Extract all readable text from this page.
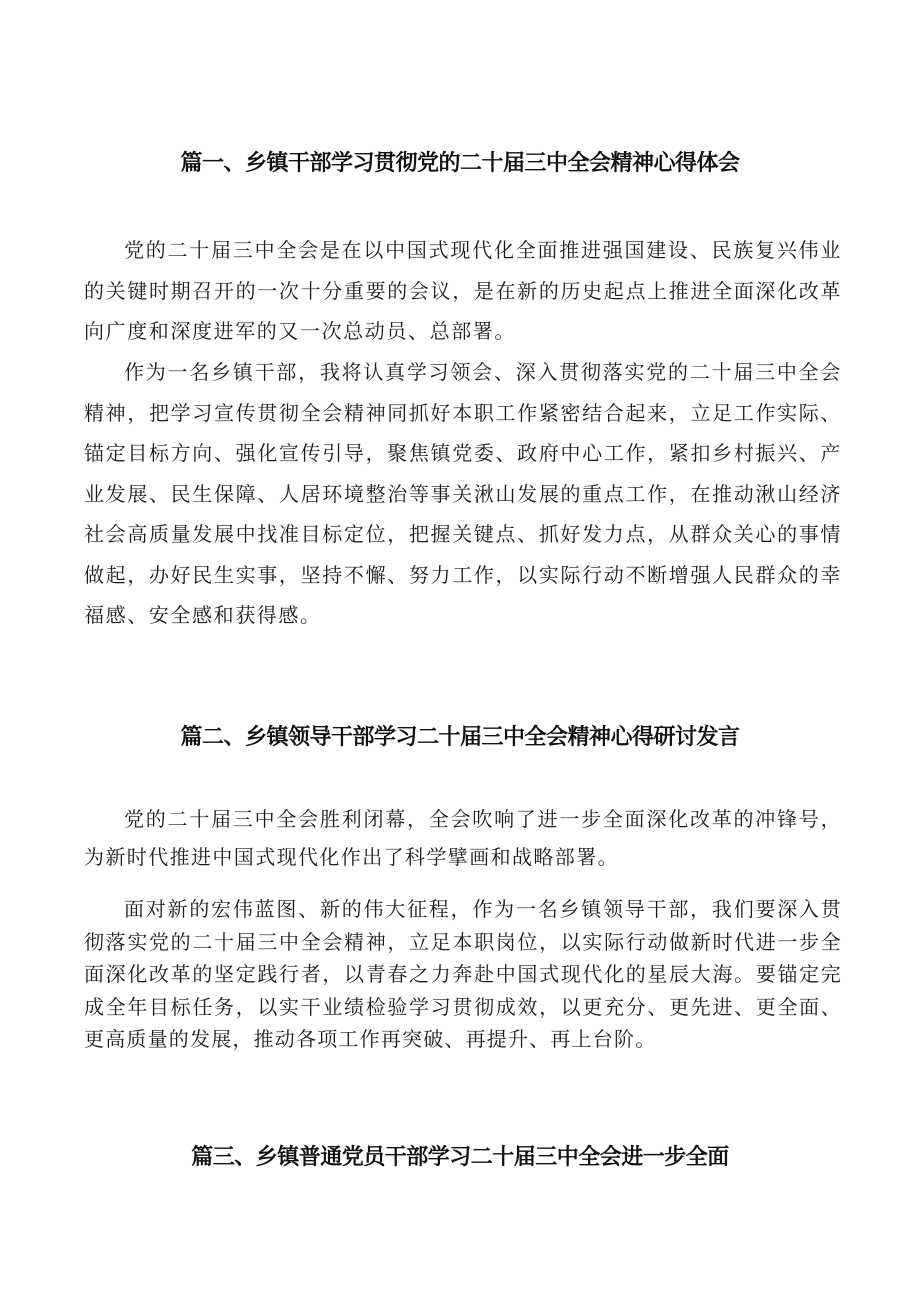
篇一、乡镇干部学习贯彻党的二十届三中全会精神心得体会

党的二十届三中全会是在以中国式现代化全面推进强国建设、民族复兴伟业的关键时期召开的一次十分重要的会议，是在新的历史起点上推进全面深化改革向广度和深度进军的又一次总动员、总部署。

作为一名乡镇干部，我将认真学习领会、深入贯彻落实党的二十届三中全会精神，把学习宣传贯彻全会精神同抓好本职工作紧密结合起来，立足工作实际、锚定目标方向、强化宣传引导，聚焦镇党委、政府中心工作，紧扣乡村振兴、产业发展、民生保障、人居环境整治等事关湫山发展的重点工作，在推动湫山经济社会高质量发展中找准目标定位，把握关键点、抓好发力点，从群众关心的事情做起，办好民生实事，坚持不懈、努力工作，以实际行动不断增强人民群众的幸福感、安全感和获得感。

篇二、乡镇领导干部学习二十届三中全会精神心得研讨发言

党的二十届三中全会胜利闭幕，全会吹响了进一步全面深化改革的冲锋号，为新时代推进中国式现代化作出了科学擘画和战略部署。

面对新的宏伟蓝图、新的伟大征程，作为一名乡镇领导干部，我们要深入贯彻落实党的二十届三中全会精神，立足本职岗位，以实际行动做新时代进一步全面深化改革的坚定践行者，以青春之力奔赴中国式现代化的星辰大海。要锚定完成全年目标任务，以实干业绩检验学习贯彻成效，以更充分、更先进、更全面、更高质量的发展，推动各项工作再突破、再提升、再上台阶。

篇三、乡镇普通党员干部学习二十届三中全会进一步全面
